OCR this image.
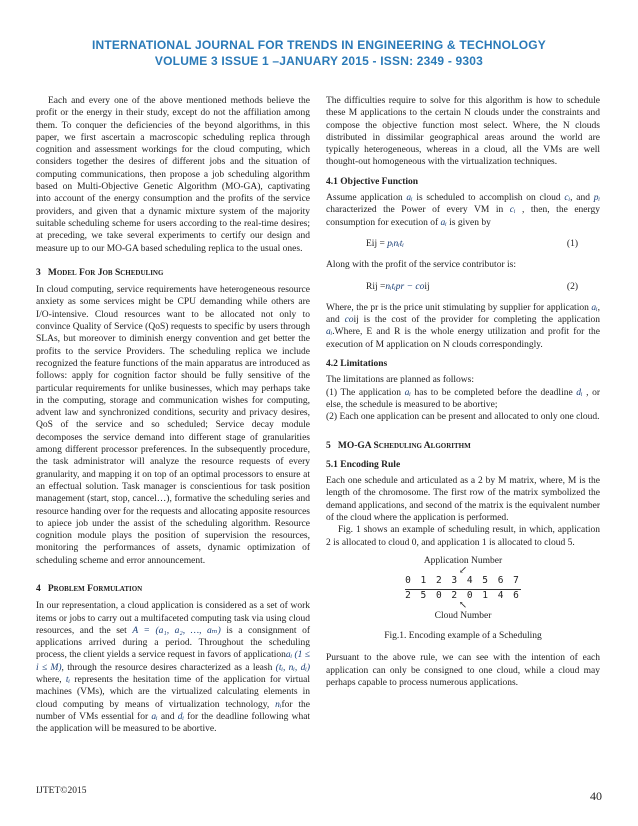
INTERNATIONAL JOURNAL FOR TRENDS IN ENGINEERING & TECHNOLOGY
VOLUME 3 ISSUE 1 –JANUARY 2015 - ISSN: 2349 - 9303

Each and every one of the above mentioned methods believe the profit or the energy in their study, except do not the affiliation among them. To conquer the deficiencies of the beyond algorithms, in this paper, we first ascertain a macroscopic scheduling replica through cognition and assessment workings for the cloud computing, which considers together the desires of different jobs and the situation of computing communications, then propose a job scheduling algorithm based on Multi-Objective Genetic Algorithm (MO-GA), captivating into account of the energy consumption and the profits of the service providers, and given that a dynamic mixture system of the majority suitable scheduling scheme for users according to the real-time desires; at preceding, we take several experiments to certify our design and measure up to our MO-GA based scheduling replica to the usual ones.

3 Model For Job Scheduling

In cloud computing, service requirements have heterogeneous resource anxiety as some services might be CPU demanding while others are I/O-intensive. Cloud resources want to be allocated not only to convince Quality of Service (QoS) requests to specific by users through SLAs, but moreover to diminish energy convention and get better the profits to the service Providers. The scheduling replica we include recognized the feature functions of the main apparatus are introduced as follows: apply for cognition factor should be fully sensitive of the particular requirements for unlike businesses, which may perhaps take in the computing, storage and communication wishes for computing, advent law and synchronized conditions, security and privacy desires, QoS of the service and so scheduled; Service decay module decomposes the service demand into different stage of granularities among different processor preferences. In the subsequently procedure, the task administrator will analyze the resource requests of every granularity, and mapping it on top of an optimal processors to ensure at an effectual solution. Task manager is conscientious for task position management (start, stop, cancel…), formative the scheduling series and resource handing over for the requests and allocating apposite resources to apiece job under the assist of the scheduling algorithm. Resource cognition module plays the position of supervision the resources, monitoring the performances of assets, dynamic optimization of scheduling scheme and error announcement.

4 Problem Formulation

In our representation, a cloud application is considered as a set of work items or jobs to carry out a multifaceted computing task via using cloud resources, and the set A = (a₁, a₂, …, aₘ) is a consignment of applications arrived during a period. Throughout the scheduling process, the client yields a service request in favors of applicationaᵢ (1 ≤ i ≤ M), through the resource desires characterized as a leash (tᵢ, nᵢ, dᵢ) where, tᵢ represents the hesitation time of the application for virtual machines (VMs), which are the virtualized calculating elements in cloud computing by means of virtualization technology, nᵢfor the number of VMs essential for aᵢ and dᵢ for the deadline following what the application will be measured to be abortive.

The difficulties require to solve for this algorithm is how to schedule these M applications to the certain N clouds under the constraints and compose the objective function most select. Where, the N clouds distributed in dissimilar geographical areas around the world are typically heterogeneous, whereas in a cloud, all the VMs are well thought-out homogeneous with the virtualization techniques.

4.1 Objective Function

Assume application aᵢ is scheduled to accomplish on cloud cᵢ, and pᵢ characterized the Power of every VM in cᵢ , then, the energy consumption for execution of aᵢ is given by

Eij = pᵢnᵢtᵢ	(1)

Along with the profit of the service contributor is:

Rij =nᵢtᵢpr − coij	(2)

Where, the pr is the price unit stimulating by supplier for application aᵢ, and coij is the cost of the provider for completing the application aᵢ.Where, E and R is the whole energy utilization and profit for the execution of M application on N clouds correspondingly.

4.2 Limitations

The limitations are planned as follows:

(1) The application aᵢ has to be completed before the deadline dᵢ , or else, the schedule is measured to be abortive;

(2) Each one application can be present and allocated to only one cloud.

5 MO-GA Scheduling Algorithm
5.1 Encoding Rule

Each one schedule and articulated as a 2 by M matrix, where, M is the length of the chromosome. The first row of the matrix symbolized the demand applications, and second of the matrix is the equivalent number of the cloud where the application is performed.

Fig. 1 shows an example of scheduling result, in which, application 2 is allocated to cloud 0, and application 1 is allocated to cloud 5.

Application Number
↙
$\frac{0 1 2 3 4 5 6 7}{2 5 0 2 0 1 4 6}$
↖
Cloud Number
Fig.1. Encoding example of a Scheduling

Pursuant to the above rule, we can see with the intention of each application can only be consigned to one cloud, while a cloud may perhaps capable to process numerous applications.

IJTET©2015	40
